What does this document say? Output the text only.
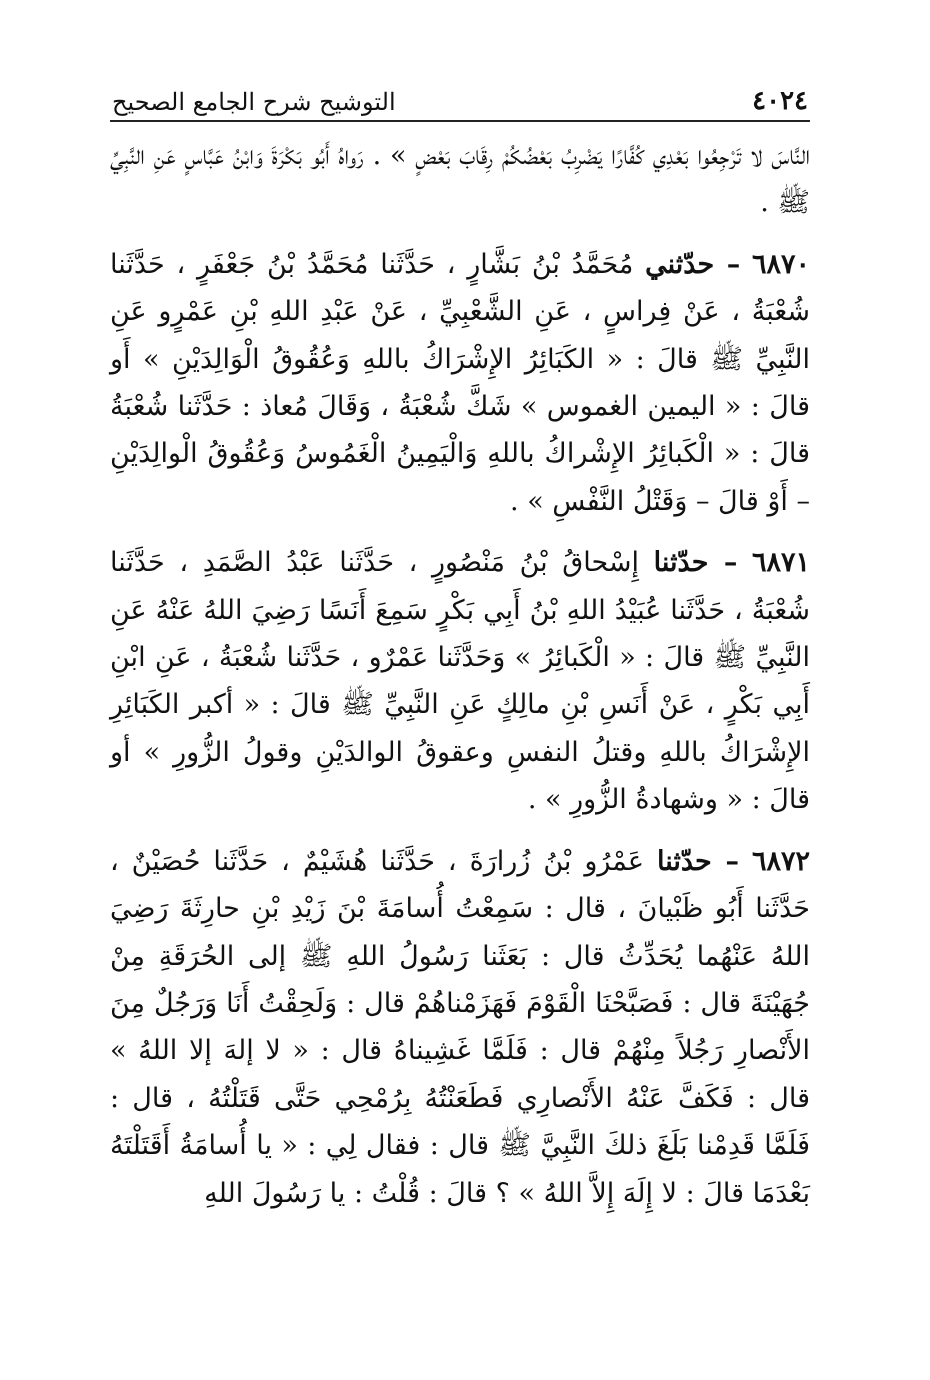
٤٠٢٤
التوشيح شرح الجامع الصحيح

النَّاسَ لا تَرْجِعُوا بَعْدِي كُفَّارًا يَضْرِبُ بَعْضُكُمْ رِقَابَ بَعْضٍ » . رَواهُ أَبُو بَكْرَةَ وَابْنُ عَبَّاسٍ عَنِ النَّبِيِّ ﷺ .

٦٨٧٠ – حدّثني مُحَمَّدُ بْنُ بَشَّارٍ ، حَدَّثَنا مُحَمَّدُ بْنُ جَعْفَرٍ ، حَدَّثَنا شُعْبَةُ ، عَنْ فِراسٍ ، عَنِ الشَّعْبِيِّ ، عَنْ عَبْدِ اللهِ بْنِ عَمْرٍو عَنِ النَّبِيِّ ﷺ قالَ : « الكَبَائِرُ الإِشْرَاكُ باللهِ وَعُقُوقُ الْوَالِدَيْنِ » أَو قالَ : « اليمين الغموس » شَكَّ شُعْبَةُ ، وَقَالَ مُعاذ : حَدَّثَنا شُعْبَةُ قالَ : « الْكَبائِرُ الإِشْراكُ باللهِ وَالْيَمِينُ الْغَمُوسُ وَعُقُوقُ الْوالِدَيْنِ – أَوْ قالَ – وَقَتْلُ النَّفْسِ » .

٦٨٧١ – حدّثنا إِسْحاقُ بْنُ مَنْصُورٍ ، حَدَّثَنا عَبْدُ الصَّمَدِ ، حَدَّثَنا شُعْبَةُ ، حَدَّثَنا عُبَيْدُ اللهِ بْنُ أَبِي بَكْرٍ سَمِعَ أَنَسًا رَضِيَ اللهُ عَنْهُ عَنِ النَّبِيِّ ﷺ قالَ : « الْكَبائِرُ » وَحَدَّثَنا عَمْرٌو ، حَدَّثَنا شُعْبَةُ ، عَنِ ابْنِ أَبِي بَكْرٍ ، عَنْ أَنَسِ بْنِ مالِكٍ عَنِ النَّبِيِّ ﷺ قالَ : « أكبر الكَبَائِرِ الإِشْرَاكُ باللهِ وقتلُ النفسِ وعقوقُ الوالدَيْنِ وقولُ الزُّورِ » أو قالَ : « وشهادةُ الزُّورِ » .

٦٨٧٢ – حدّثنا عَمْرُو بْنُ زُرارَةَ ، حَدَّثَنا هُشَيْمٌ ، حَدَّثَنا حُصَيْنٌ ، حَدَّثَنا أَبُو ظَبْيانَ ، قال : سَمِعْتُ أُسامَةَ بْنَ زَيْدِ بْنِ حارِثَةَ رَضِيَ اللهُ عَنْهُما يُحَدِّثُ قال : بَعَثَنا رَسُولُ اللهِ ﷺ إلى الحُرَقَةِ مِنْ جُهَيْنَةَ قال : فَصَبَّحْنَا الْقَوْمَ فَهَزَمْناهُمْ قال : وَلَحِقْتُ أَنَا وَرَجُلٌ مِنَ الأَنْصارِ رَجُلاً مِنْهُمْ قال : فَلَمَّا غَشِيناهُ قال : « لا إلهَ إلا اللهُ » قال : فَكَفَّ عَنْهُ الأَنْصارِي فَطَعَنْتُهُ بِرُمْحِي حَتَّى قَتَلْتُهُ ، قال : فَلَمَّا قَدِمْنا بَلَغَ ذلكَ النَّبِيَّ ﷺ قال : فقال لِي : « يا أُسامَةُ أَقَتَلْتَهُ بَعْدَمَا قالَ : لا إِلَهَ إِلاَّ اللهُ » ؟ قالَ : قُلْتُ : يا رَسُولَ اللهِ
